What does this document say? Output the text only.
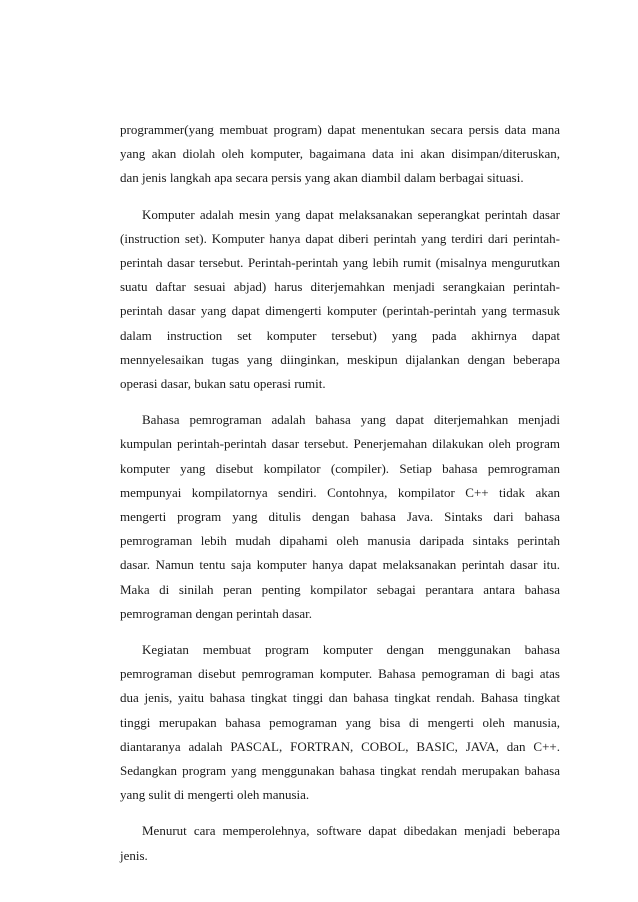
programmer(yang membuat program) dapat menentukan secara persis data mana
yang akan diolah oleh komputer, bagaimana data ini akan disimpan/diteruskan,
dan jenis langkah apa secara persis yang akan diambil dalam berbagai situasi.
Komputer adalah mesin yang dapat melaksanakan seperangkat perintah dasar
(instruction set). Komputer hanya dapat diberi perintah yang terdiri dari perintah-
perintah dasar tersebut. Perintah-perintah yang lebih rumit (misalnya mengurutkan
suatu daftar sesuai abjad) harus diterjemahkan menjadi serangkaian perintah-
perintah dasar yang dapat dimengerti komputer (perintah-perintah yang termasuk
dalam instruction set komputer tersebut) yang pada akhirnya dapat
mennyelesaikan tugas yang diinginkan, meskipun dijalankan dengan beberapa
operasi dasar, bukan satu operasi rumit.
Bahasa pemrograman adalah bahasa yang dapat diterjemahkan menjadi
kumpulan perintah-perintah dasar tersebut. Penerjemahan dilakukan oleh program
komputer yang disebut kompilator (compiler). Setiap bahasa pemrograman
mempunyai kompilatornya sendiri. Contohnya, kompilator C++ tidak akan
mengerti program yang ditulis dengan bahasa Java. Sintaks dari bahasa
pemrograman lebih mudah dipahami oleh manusia daripada sintaks perintah
dasar. Namun tentu saja komputer hanya dapat melaksanakan perintah dasar itu.
Maka di sinilah peran penting kompilator sebagai perantara antara bahasa
pemrograman dengan perintah dasar.
Kegiatan membuat program komputer dengan menggunakan bahasa
pemrograman disebut pemrograman komputer. Bahasa pemograman di bagi atas
dua jenis, yaitu bahasa tingkat tinggi dan bahasa tingkat rendah. Bahasa tingkat
tinggi merupakan bahasa pemograman yang bisa di mengerti oleh manusia,
diantaranya adalah PASCAL, FORTRAN, COBOL, BASIC, JAVA, dan C++.
Sedangkan program yang menggunakan bahasa tingkat rendah merupakan bahasa
yang sulit di mengerti oleh manusia.
Menurut cara memperolehnya, software dapat dibedakan menjadi beberapa
jenis.
